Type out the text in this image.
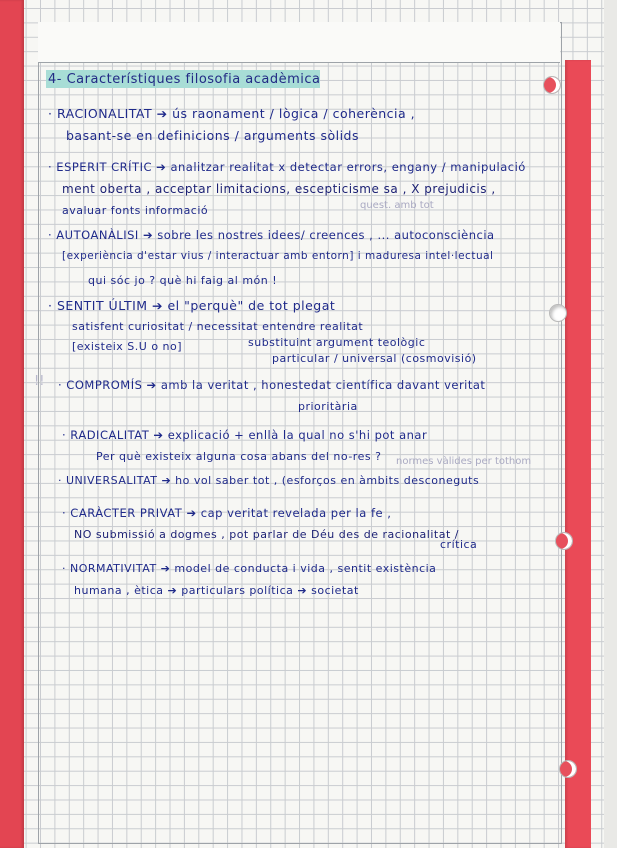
4- Característiques filosofia acadèmica
· RACIONALITAT ➔ ús raonament / lògica / coherència ,
basant-se en definicions / arguments sòlids
· ESPERIT CRÍTIC ➔ analitzar realitat x detectar errors, engany / manipulació
ment oberta , acceptar limitacions, escepticisme sa , X prejudicis ,
avaluar fonts informació	quest. amb tot
· AUTOANÀLISI ➔ sobre les nostres idees/ creences , ... autoconsciència
[experiència d'estar vius / interactuar amb entorn] i maduresa intel·lectual
qui sóc jo ? què hi faig al món !
· SENTIT ÚLTIM ➔ el "perquè" de tot plegat
satisfent curiositat / necessitat entendre realitat
[existeix S.U o no]	substituint argument teològic
particular / universal (cosmovisió)
!! · COMPROMÍS ➔ amb la veritat , honestedat científica davant veritat
prioritària
· RADICALITAT ➔ explicació + enllà la qual no s'hi pot anar
Per què existeix alguna cosa abans del no-res ? normes vàlides per tothom
· UNIVERSALITAT ➔ ho vol saber tot , (esforços en àmbits desconeguts
· CARÀCTER PRIVAT ➔ cap veritat revelada per la fe ,
NO submissió a dogmes , pot parlar de Déu des de racionalitat /
crítica
· NORMATIVITAT ➔ model de conducta i vida , sentit existència
humana , ètica ➔ particulars política ➔ societat
